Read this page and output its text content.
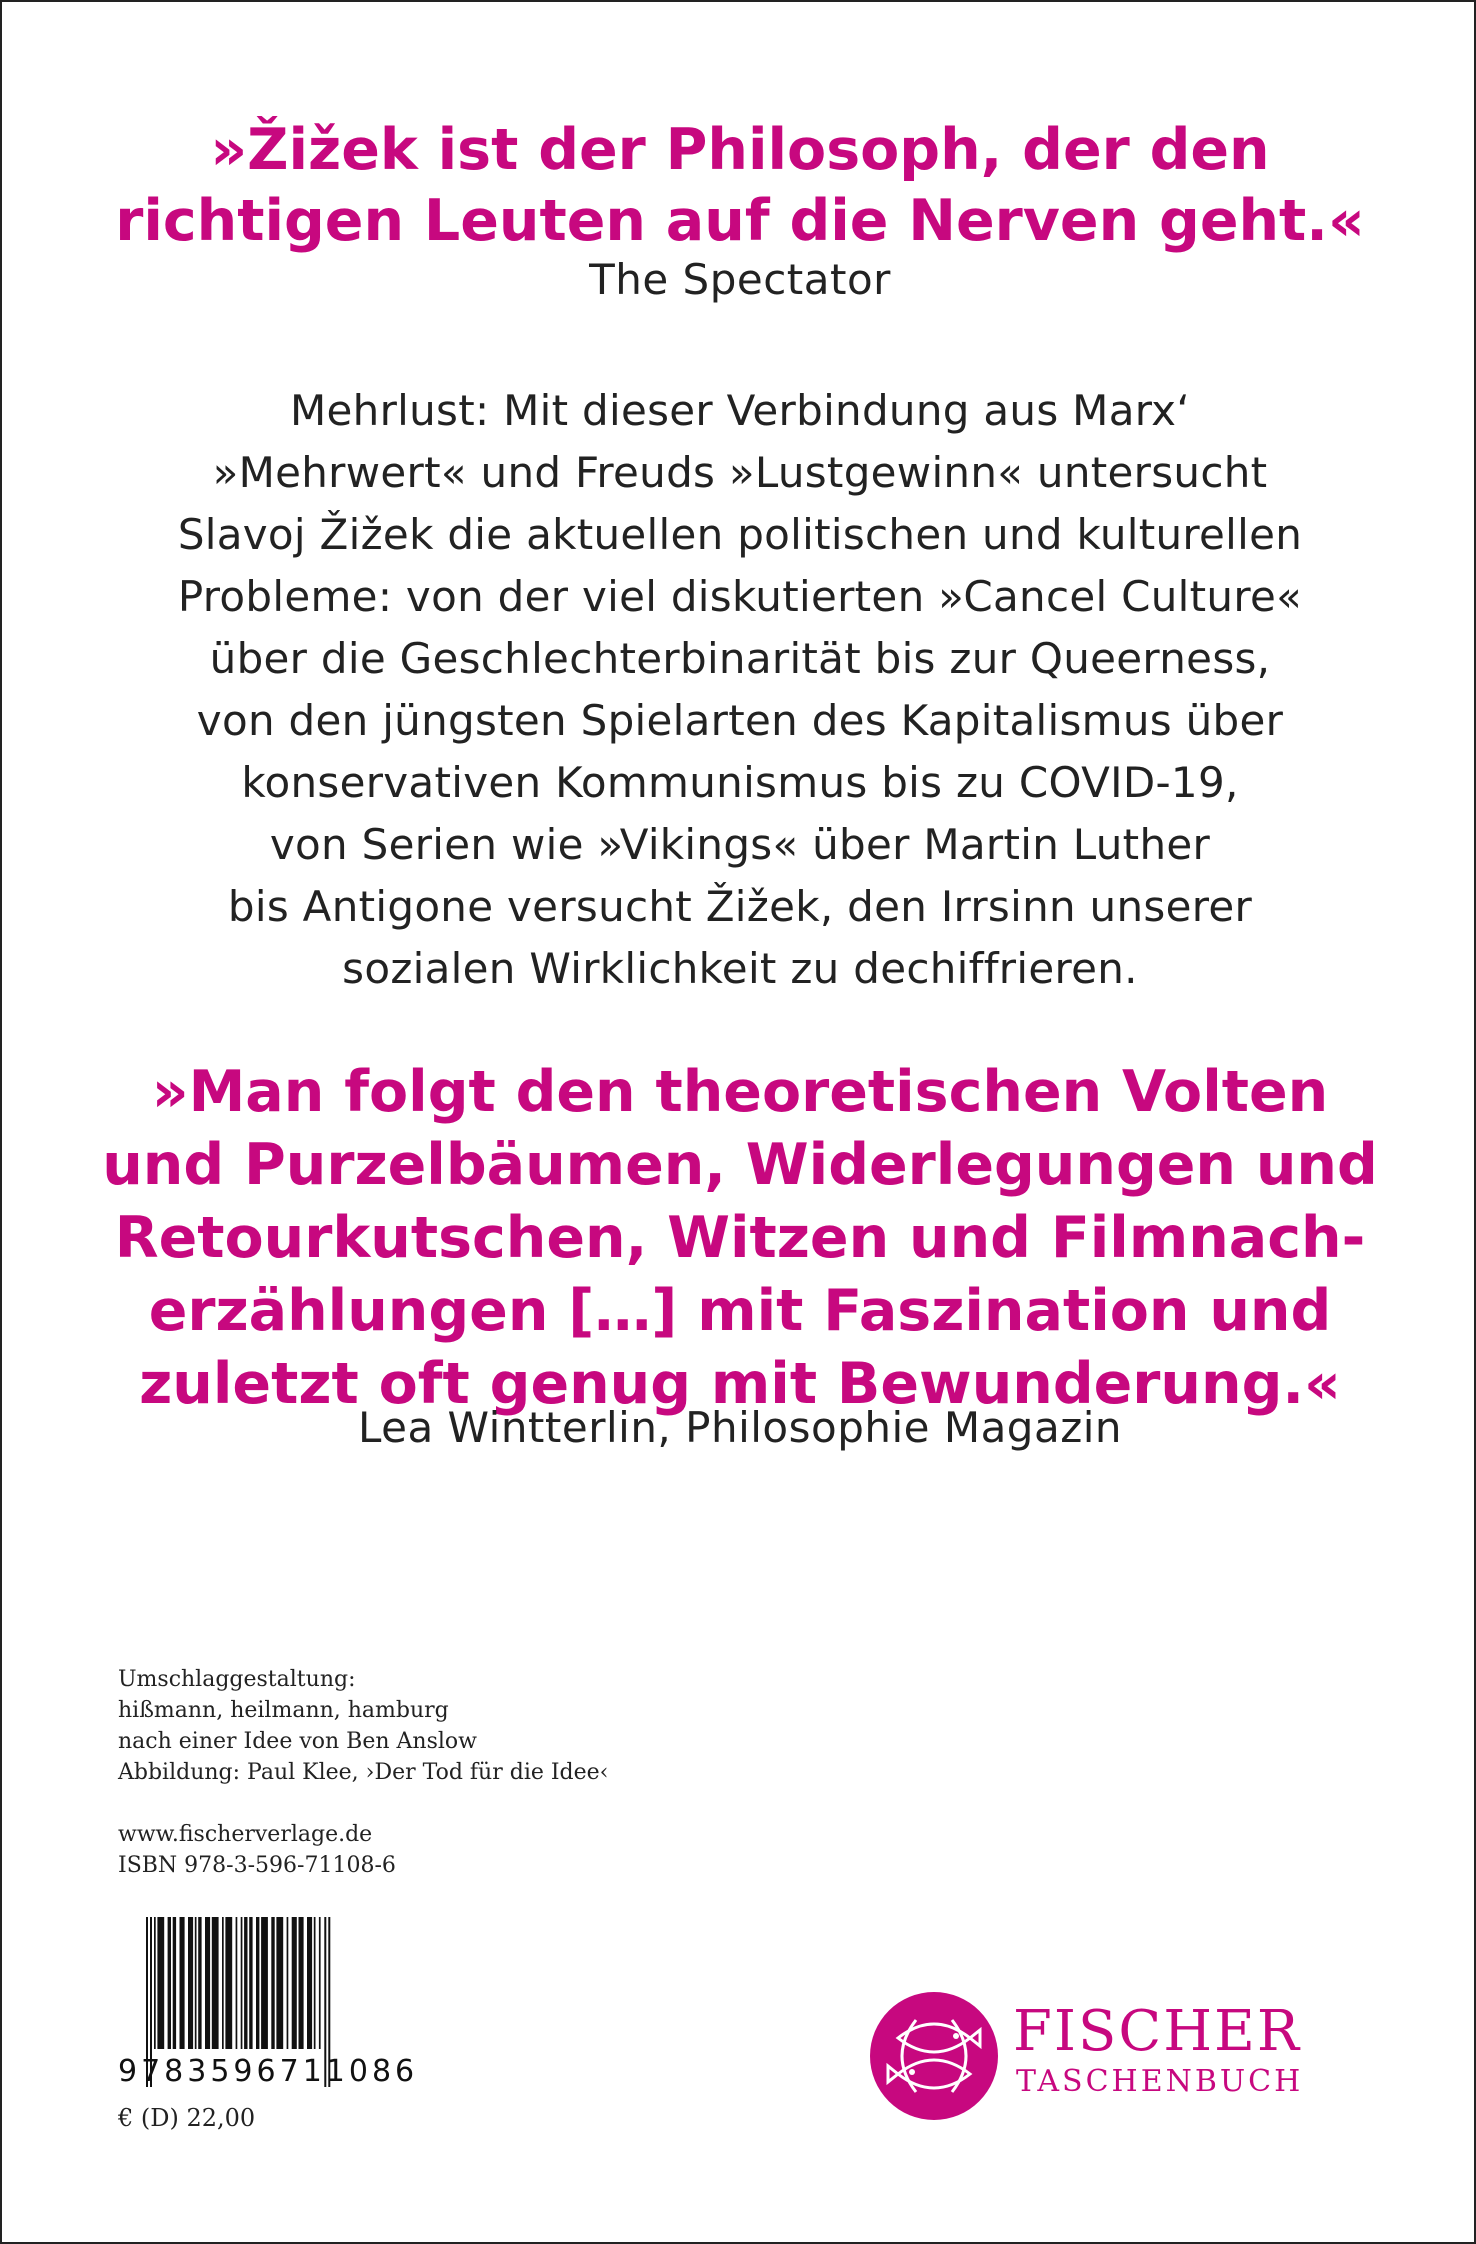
»Žižek ist der Philosoph, der den
richtigen Leuten auf die Nerven geht.«
The Spectator
Mehrlust: Mit dieser Verbindung aus Marx‘
»Mehrwert« und Freuds »Lustgewinn« untersucht
Slavoj Žižek die aktuellen politischen und kulturellen
Probleme: von der viel diskutierten »Cancel Culture«
über die Geschlechterbinarität bis zur Queerness,
von den jüngsten Spielarten des Kapitalismus über
konservativen Kommunismus bis zu COVID-19,
von Serien wie »Vikings« über Martin Luther
bis Antigone versucht Žižek, den Irrsinn unserer
sozialen Wirklichkeit zu dechiffrieren.
»Man folgt den theoretischen Volten
und Purzelbäumen, Widerlegungen und
Retourkutschen, Witzen und Filmnach-
erzählungen […] mit Faszination und
zuletzt oft genug mit Bewunderung.«
Lea Wintterlin, Philosophie Magazin
Umschlaggestaltung:
hißmann, heilmann, hamburg
nach einer Idee von Ben Anslow
Abbildung: Paul Klee, ›Der Tod für die Idee‹
www.fischerverlage.de
ISBN 978-3-596-71108-6
9783596711086
€ (D) 22,00
FISCHER
TASCHENBUCH
